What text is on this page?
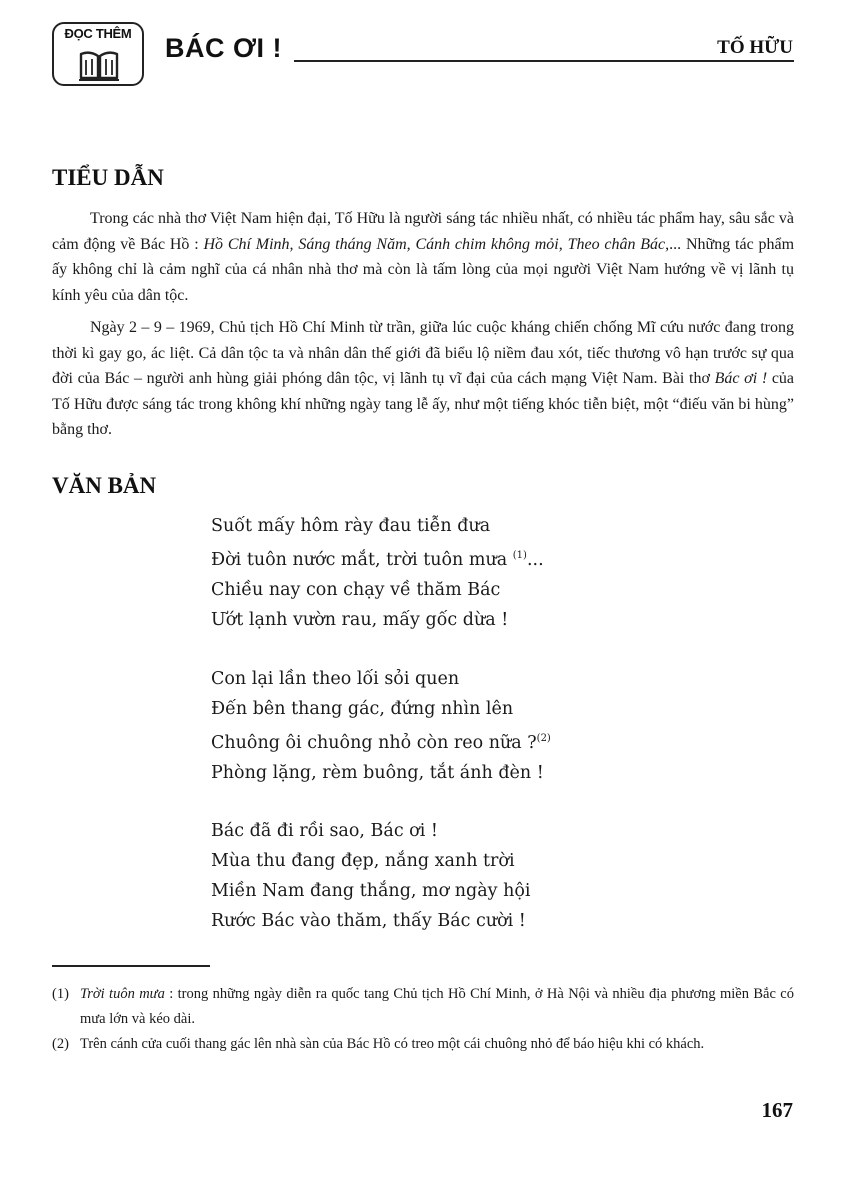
ĐỌC THÊM	BÁC ƠI !	TỐ HỮU
TIỂU DẪN

Trong các nhà thơ Việt Nam hiện đại, Tố Hữu là người sáng tác nhiều nhất, có nhiều tác phẩm hay, sâu sắc và cảm động về Bác Hồ : Hồ Chí Minh, Sáng tháng Năm, Cánh chim không mỏi, Theo chân Bác,... Những tác phẩm ấy không chỉ là cảm nghĩ của cá nhân nhà thơ mà còn là tấm lòng của mọi người Việt Nam hướng về vị lãnh tụ kính yêu của dân tộc.

Ngày 2 – 9 – 1969, Chủ tịch Hồ Chí Minh từ trần, giữa lúc cuộc kháng chiến chống Mĩ cứu nước đang trong thời kì gay go, ác liệt. Cả dân tộc ta và nhân dân thế giới đã biểu lộ niềm đau xót, tiếc thương vô hạn trước sự qua đời của Bác – người anh hùng giải phóng dân tộc, vị lãnh tụ vĩ đại của cách mạng Việt Nam. Bài thơ Bác ơi ! của Tố Hữu được sáng tác trong không khí những ngày tang lễ ấy, như một tiếng khóc tiễn biệt, một “điếu văn bi hùng” bằng thơ.

VĂN BẢN
Suốt mấy hôm rày đau tiễn đưa
Đời tuôn nước mắt, trời tuôn mưa $^{(1)}$...
Chiều nay con chạy về thăm Bác
Ướt lạnh vườn rau, mấy gốc dừa !
Con lại lần theo lối sỏi quen
Đến bên thang gác, đứng nhìn lên
Chuông ôi chuông nhỏ còn reo nữa ?$^{(2)}$
Phòng lặng, rèm buông, tắt ánh đèn !
Bác đã đi rồi sao, Bác ơi !
Mùa thu đang đẹp, nắng xanh trời
Miền Nam đang thắng, mơ ngày hội
Rước Bác vào thăm, thấy Bác cười !
(1) Trời tuôn mưa : trong những ngày diễn ra quốc tang Chủ tịch Hồ Chí Minh, ở Hà Nội và nhiều địa phương miền Bắc có mưa lớn và kéo dài.
(2) Trên cánh cửa cuối thang gác lên nhà sàn của Bác Hồ có treo một cái chuông nhỏ để báo hiệu khi có khách.
167
